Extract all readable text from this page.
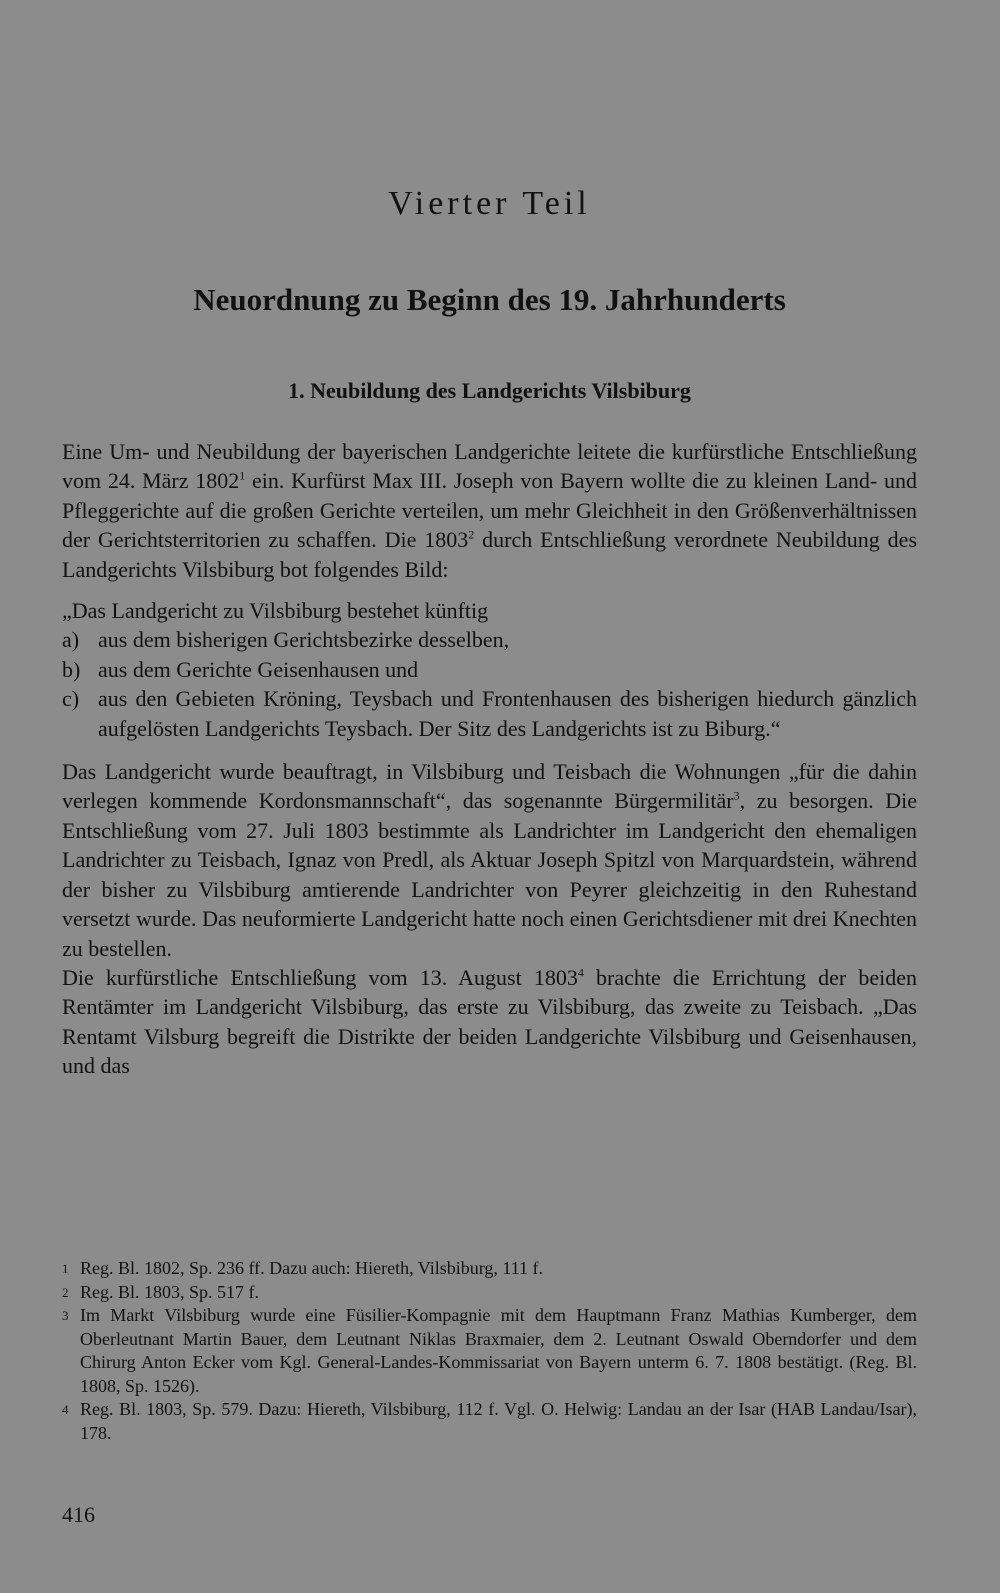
Vierter Teil
Neuordnung zu Beginn des 19. Jahrhunderts
1. Neubildung des Landgerichts Vilsbiburg

Eine Um- und Neubildung der bayerischen Landgerichte leitete die kurfürstliche Entschließung vom 24. März 1802$^1$ ein. Kurfürst Max III. Joseph von Bayern wollte die zu kleinen Land- und Pfleggerichte auf die großen Gerichte verteilen, um mehr Gleichheit in den Größenverhältnissen der Gerichtsterritorien zu schaffen. Die 1803$^2$ durch Entschließung verordnete Neubildung des Landgerichts Vilsbiburg bot folgendes Bild:

„Das Landgericht zu Vilsbiburg bestehet künftig

a) aus dem bisherigen Gerichtsbezirke desselben,
b) aus dem Gerichte Geisenhausen und
c) aus den Gebieten Kröning, Teysbach und Frontenhausen des bisherigen hiedurch gänzlich aufgelösten Landgerichts Teysbach. Der Sitz des Landgerichts ist zu Biburg.“

Das Landgericht wurde beauftragt, in Vilsbiburg und Teisbach die Wohnungen „für die dahin verlegen kommende Kordonsmannschaft“, das sogenannte Bürgermilitär$^3$, zu besorgen. Die Entschließung vom 27. Juli 1803 bestimmte als Landrichter im Landgericht den ehemaligen Landrichter zu Teisbach, Ignaz von Predl, als Aktuar Joseph Spitzl von Marquardstein, während der bisher zu Vilsbiburg amtierende Landrichter von Peyrer gleichzeitig in den Ruhestand versetzt wurde. Das neuformierte Landgericht hatte noch einen Gerichtsdiener mit drei Knechten zu bestellen.

Die kurfürstliche Entschließung vom 13. August 1803$^4$ brachte die Errichtung der beiden Rentämter im Landgericht Vilsbiburg, das erste zu Vilsbiburg, das zweite zu Teisbach. „Das Rentamt Vilsburg begreift die Distrikte der beiden Landgerichte Vilsbiburg und Geisenhausen, und das

1 Reg. Bl. 1802, Sp. 236 ff. Dazu auch: Hiereth, Vilsbiburg, 111 f.
2 Reg. Bl. 1803, Sp. 517 f.
3 Im Markt Vilsbiburg wurde eine Füsilier-Kompagnie mit dem Hauptmann Franz Mathias Kumberger, dem Oberleutnant Martin Bauer, dem Leutnant Niklas Braxmaier, dem 2. Leutnant Oswald Oberndorfer und dem Chirurg Anton Ecker vom Kgl. General-Landes-Kommissariat von Bayern unterm 6. 7. 1808 bestätigt. (Reg. Bl. 1808, Sp. 1526).
4 Reg. Bl. 1803, Sp. 579. Dazu: Hiereth, Vilsbiburg, 112 f. Vgl. O. Helwig: Landau an der Isar (HAB Landau/Isar), 178.
416
